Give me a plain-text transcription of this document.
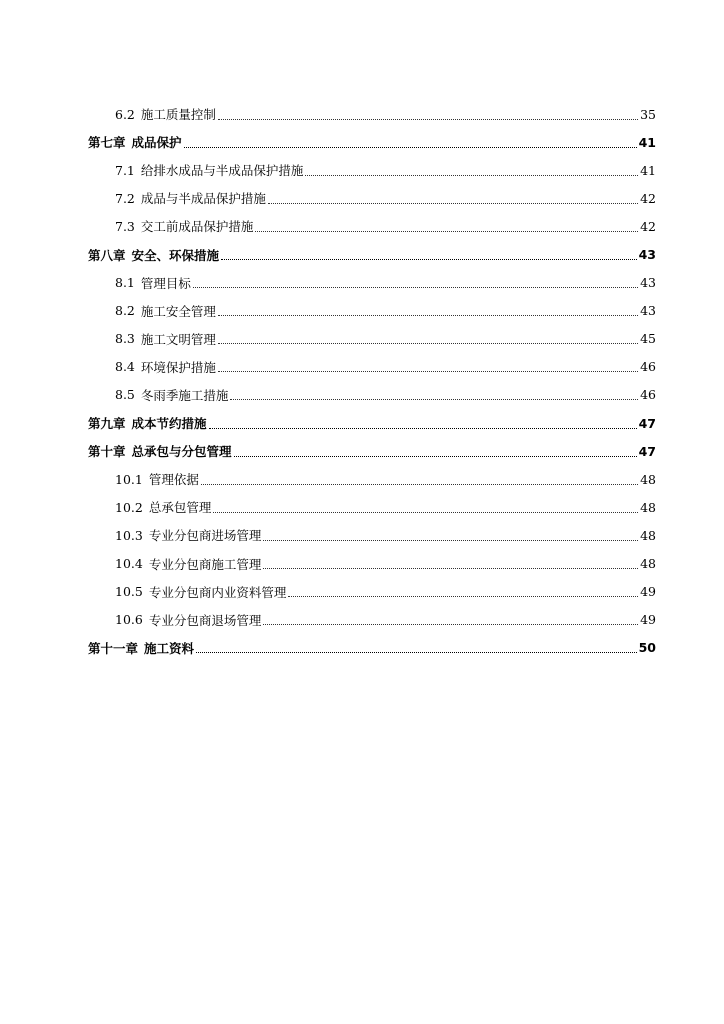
6.2 施工质量控制	35
第七章 成品保护	41
7.1 给排水成品与半成品保护措施	41
7.2 成品与半成品保护措施	42
7.3 交工前成品保护措施	42
第八章 安全、环保措施	43
8.1 管理目标	43
8.2 施工安全管理	43
8.3 施工文明管理	45
8.4 环境保护措施	46
8.5 冬雨季施工措施	46
第九章 成本节约措施	47
第十章 总承包与分包管理	47
10.1 管理依据	48
10.2 总承包管理	48
10.3 专业分包商进场管理	48
10.4 专业分包商施工管理	48
10.5 专业分包商内业资料管理	49
10.6 专业分包商退场管理	49
第十一章 施工资料	50
